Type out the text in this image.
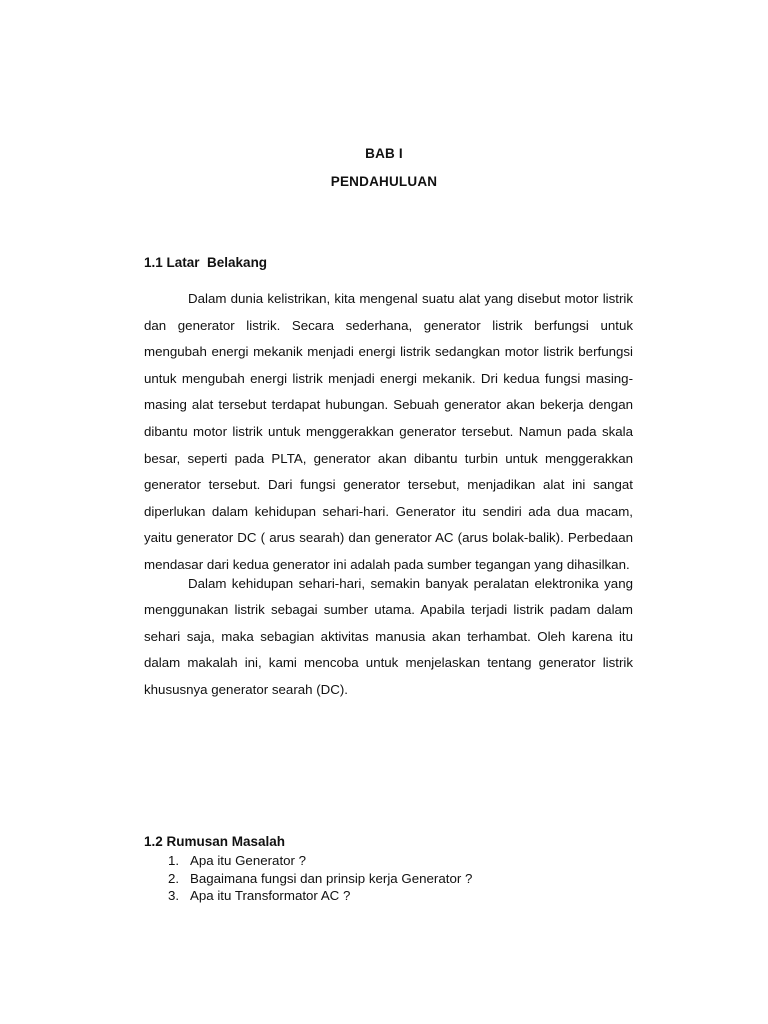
BAB I
PENDAHULUAN
1.1 Latar  Belakang

Dalam dunia kelistrikan, kita mengenal suatu alat yang disebut motor listrik dan generator listrik. Secara sederhana, generator listrik berfungsi untuk mengubah energi mekanik menjadi energi listrik sedangkan motor listrik berfungsi untuk mengubah energi listrik menjadi energi mekanik. Dri kedua fungsi masing-masing alat tersebut terdapat hubungan. Sebuah generator akan bekerja dengan dibantu motor listrik untuk menggerakkan generator tersebut. Namun pada skala besar, seperti pada PLTA, generator akan dibantu turbin untuk menggerakkan generator tersebut. Dari fungsi generator tersebut, menjadikan alat ini sangat diperlukan dalam kehidupan sehari-hari. Generator itu sendiri ada dua macam, yaitu generator DC ( arus searah) dan generator AC (arus bolak-balik). Perbedaan mendasar dari kedua generator ini adalah pada sumber tegangan yang dihasilkan.

Dalam kehidupan sehari-hari, semakin banyak peralatan elektronika yang menggunakan listrik sebagai sumber utama. Apabila terjadi listrik padam dalam sehari saja, maka sebagian aktivitas manusia akan terhambat. Oleh karena itu dalam makalah ini, kami mencoba untuk menjelaskan tentang generator listrik khususnya generator searah (DC).

1.2 Rumusan Masalah
1. Apa itu Generator ?
2. Bagaimana fungsi dan prinsip kerja Generator ?
3. Apa itu Transformator AC ?
